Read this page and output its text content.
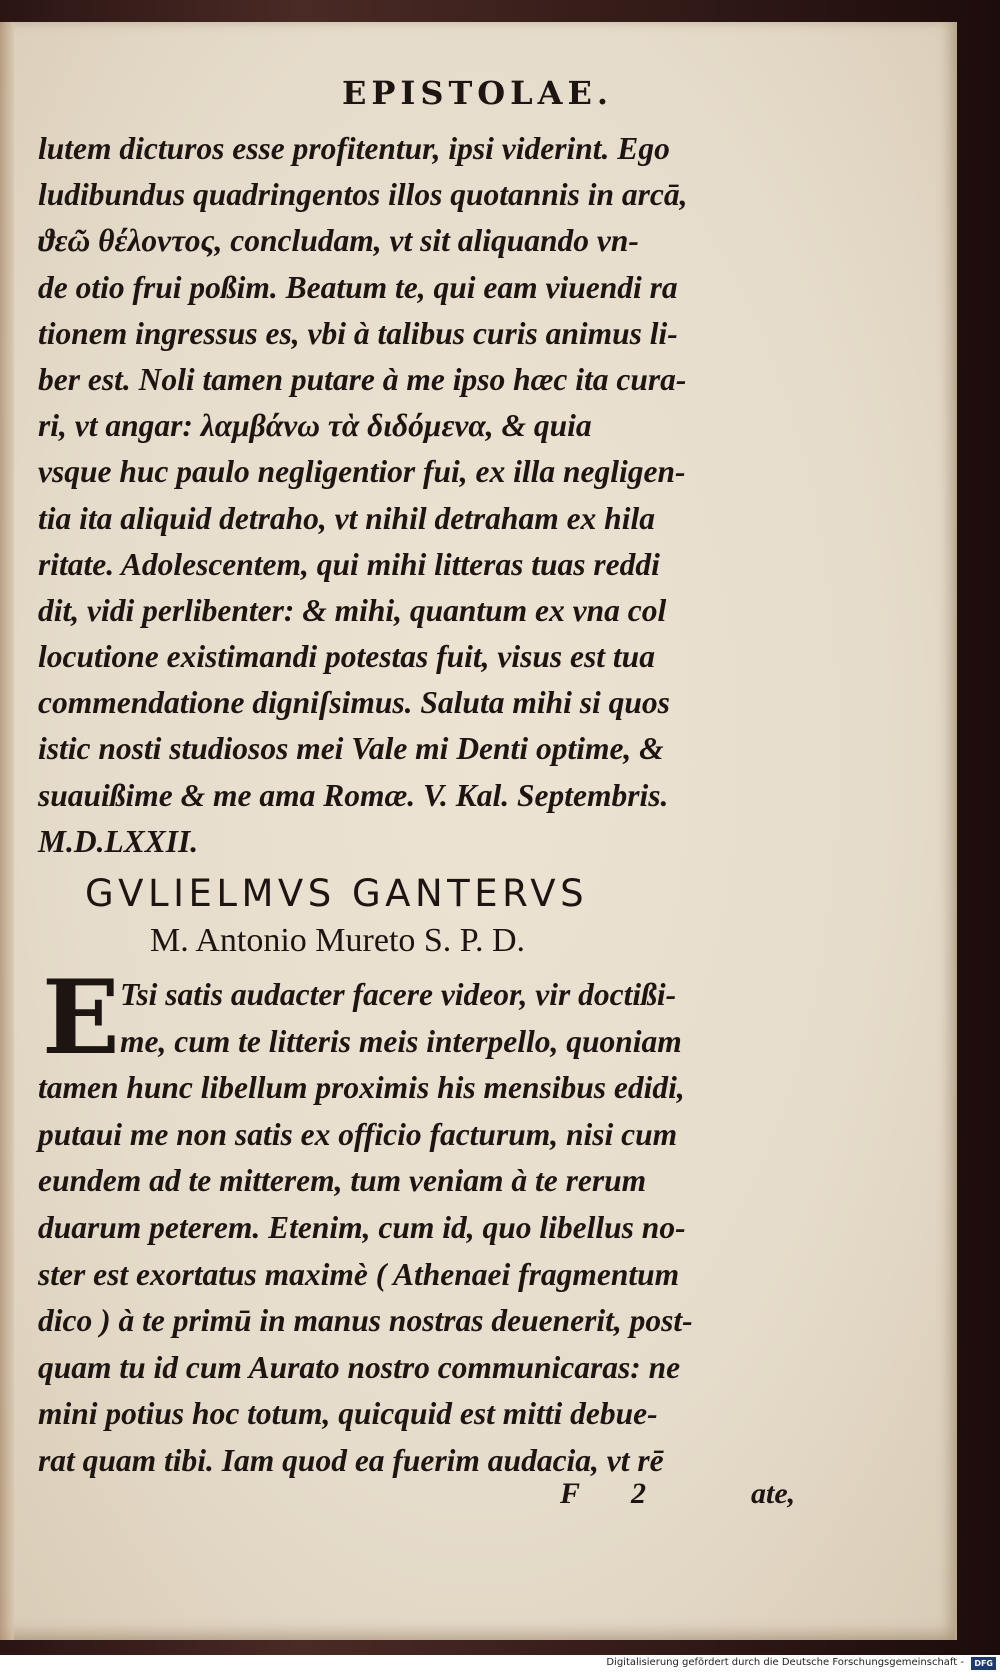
EPISTOLAE.
lutem dicturos esse profitentur, ipsi viderint. Ego
ludibundus quadringentos illos quotannis in arcā,
ϑεῶ θέλοντος, concludam, vt sit aliquando vn-
de otio frui poßim. Beatum te, qui eam viuendi ra
tionem ingressus es, vbi à talibus curis animus li-
ber est. Noli tamen putare à me ipso hæc ita cura-
ri, vt angar: λαμβάνω τὰ διδόμενα, & quia
vsque huc paulo negligentior fui, ex illa negligen-
tia ita aliquid detraho, vt nihil detraham ex hila
ritate. Adolescentem, qui mihi litteras tuas reddi
dit, vidi perlibenter: & mihi, quantum ex vna col
locutione existimandi potestas fuit, visus est tua
commendatione digniſsimus. Saluta mihi si quos
istic nosti studiosos mei Vale mi Denti optime, &
suauißime & me ama Romæ. V. Kal. Septembris.
M.D.LXXII.
GVLIELMVS GANTERVS
M. Antonio Mureto S. P. D.
E
Tsi satis audacter facere videor, vir doctißi-
me, cum te litteris meis interpello, quoniam
tamen hunc libellum proximis his mensibus edidi,
putaui me non satis ex officio facturum, nisi cum
eundem ad te mitterem, tum veniam à te rerum
duarum peterem. Etenim, cum id, quo libellus no-
ster est exortatus maximè ( Athenaei fragmentum
dico ) à te primū in manus nostras deuenerit, post-
quam tu id cum Aurato nostro communicaras: ne
mini potius hoc totum, quicquid est mitti debue-
rat quam tibi. Iam quod ea fuerim audacia, vt rē
F 2	ate,
Digitalisierung gefördert durch die Deutsche Forschungsgemeinschaft -	DFG
